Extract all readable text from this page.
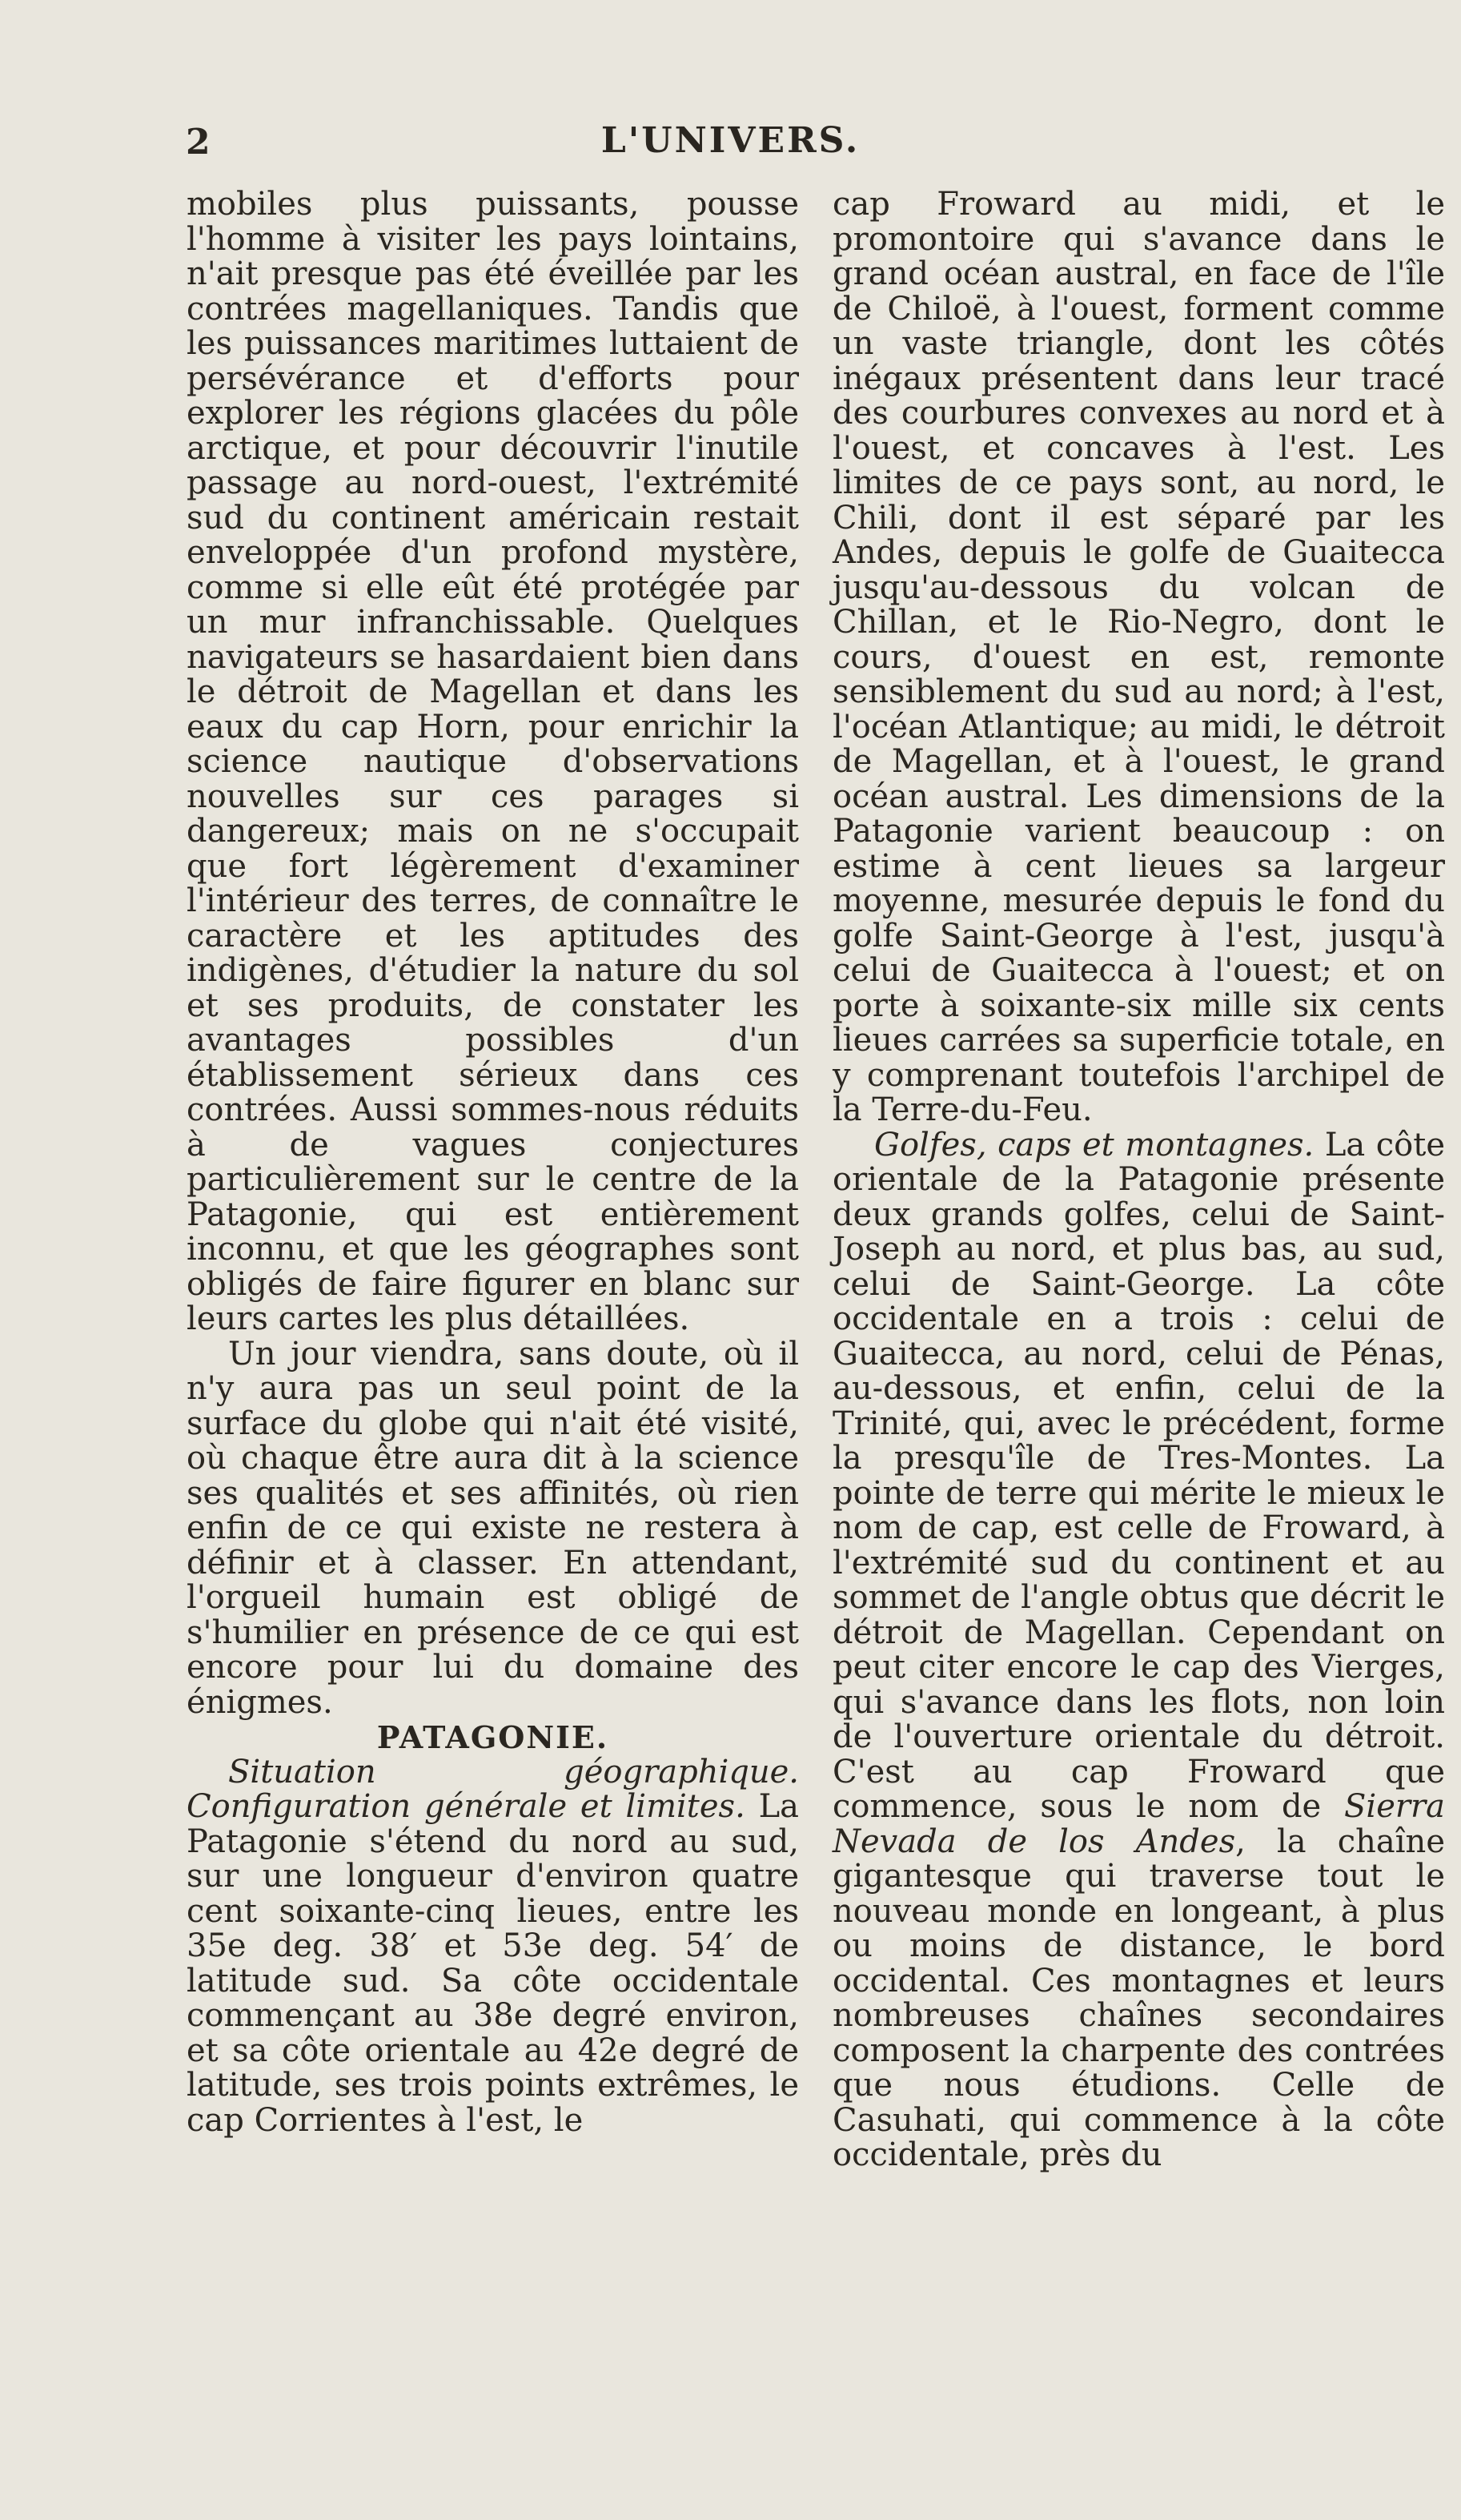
2	L'UNIVERS.

mobiles plus puissants, pousse l'homme à visiter les pays lointains, n'ait presque pas été éveillée par les contrées magellaniques. Tandis que les puissances maritimes luttaient de persévérance et d'efforts pour explorer les régions glacées du pôle arctique, et pour découvrir l'inutile passage au nord-ouest, l'extrémité sud du continent américain restait enveloppée d'un profond mystère, comme si elle eût été protégée par un mur infranchissable. Quelques navigateurs se hasardaient bien dans le détroit de Magellan et dans les eaux du cap Horn, pour enrichir la science nautique d'observations nouvelles sur ces parages si dangereux; mais on ne s'occupait que fort légèrement d'examiner l'intérieur des terres, de connaître le caractère et les aptitudes des indigènes, d'étudier la nature du sol et ses produits, de constater les avantages possibles d'un établissement sérieux dans ces contrées. Aussi sommes-nous réduits à de vagues conjectures particulièrement sur le centre de la Patagonie, qui est entièrement inconnu, et que les géographes sont obligés de faire figurer en blanc sur leurs cartes les plus détaillées.

Un jour viendra, sans doute, où il n'y aura pas un seul point de la surface du globe qui n'ait été visité, où chaque être aura dit à la science ses qualités et ses affinités, où rien enfin de ce qui existe ne restera à définir et à classer. En attendant, l'orgueil humain est obligé de s'humilier en présence de ce qui est encore pour lui du domaine des énigmes.

PATAGONIE.

Situation géographique. Configuration générale et limites. La Patagonie s'étend du nord au sud, sur une longueur d'environ quatre cent soixante-cinq lieues, entre les 35e deg. 38′ et 53e deg. 54′ de latitude sud. Sa côte occidentale commençant au 38e degré environ, et sa côte orientale au 42e degré de latitude, ses trois points extrêmes, le cap Corrientes à l'est, le

cap Froward au midi, et le promontoire qui s'avance dans le grand océan austral, en face de l'île de Chiloë, à l'ouest, forment comme un vaste triangle, dont les côtés inégaux présentent dans leur tracé des courbures convexes au nord et à l'ouest, et concaves à l'est. Les limites de ce pays sont, au nord, le Chili, dont il est séparé par les Andes, depuis le golfe de Guaitecca jusqu'au-dessous du volcan de Chillan, et le Rio-Negro, dont le cours, d'ouest en est, remonte sensiblement du sud au nord; à l'est, l'océan Atlantique; au midi, le détroit de Magellan, et à l'ouest, le grand océan austral. Les dimensions de la Patagonie varient beaucoup : on estime à cent lieues sa largeur moyenne, mesurée depuis le fond du golfe Saint-George à l'est, jusqu'à celui de Guaitecca à l'ouest; et on porte à soixante-six mille six cents lieues carrées sa superficie totale, en y comprenant toutefois l'archipel de la Terre-du-Feu.

Golfes, caps et montagnes. La côte orientale de la Patagonie présente deux grands golfes, celui de Saint-Joseph au nord, et plus bas, au sud, celui de Saint-George. La côte occidentale en a trois : celui de Guaitecca, au nord, celui de Pénas, au-dessous, et enfin, celui de la Trinité, qui, avec le précédent, forme la presqu'île de Tres-Montes. La pointe de terre qui mérite le mieux le nom de cap, est celle de Froward, à l'extrémité sud du continent et au sommet de l'angle obtus que décrit le détroit de Magellan. Cependant on peut citer encore le cap des Vierges, qui s'avance dans les flots, non loin de l'ouverture orientale du détroit. C'est au cap Froward que commence, sous le nom de Sierra Nevada de los Andes, la chaîne gigantesque qui traverse tout le nouveau monde en longeant, à plus ou moins de distance, le bord occidental. Ces montagnes et leurs nombreuses chaînes secondaires composent la charpente des contrées que nous étudions. Celle de Casuhati, qui commence à la côte occidentale, près du
